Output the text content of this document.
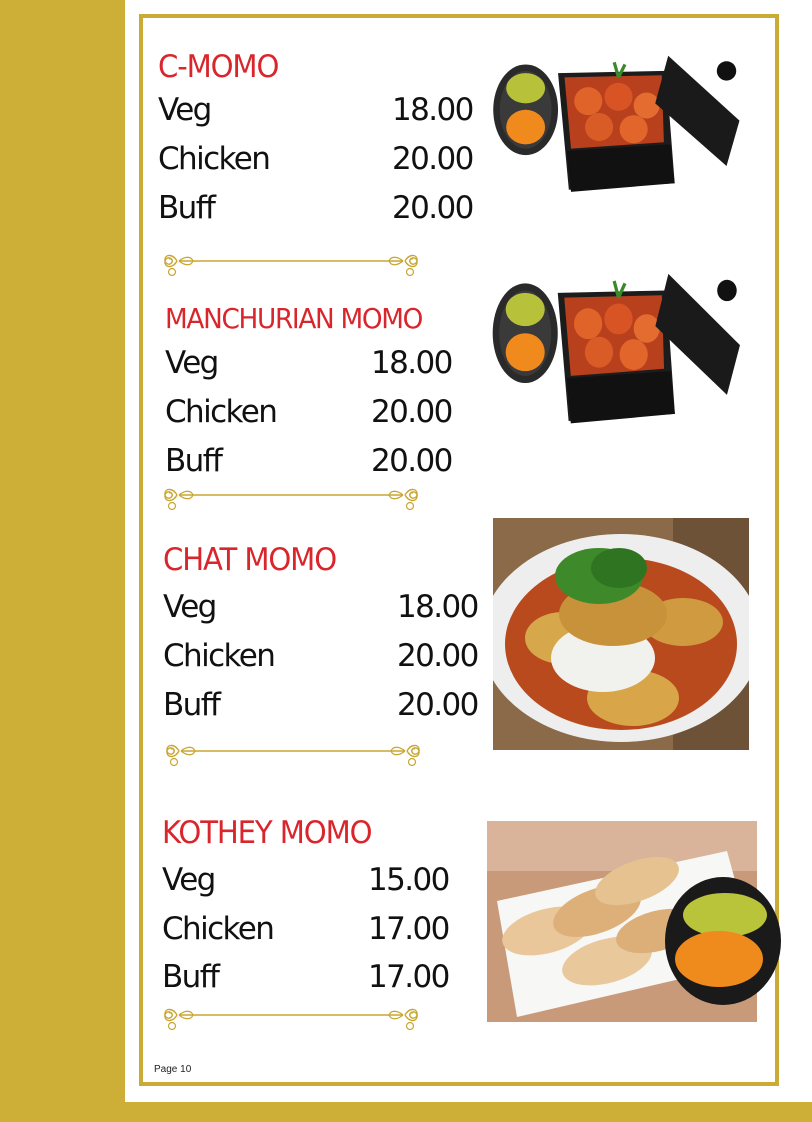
C-MOMO
Veg	18.00
Chicken	20.00
Buff	20.00
MANCHURIAN MOMO
Veg	18.00
Chicken	20.00
Buff	20.00
CHAT MOMO
Veg	18.00
Chicken	20.00
Buff	20.00
KOTHEY MOMO
Veg	15.00
Chicken	17.00
Buff	17.00
Page 10
